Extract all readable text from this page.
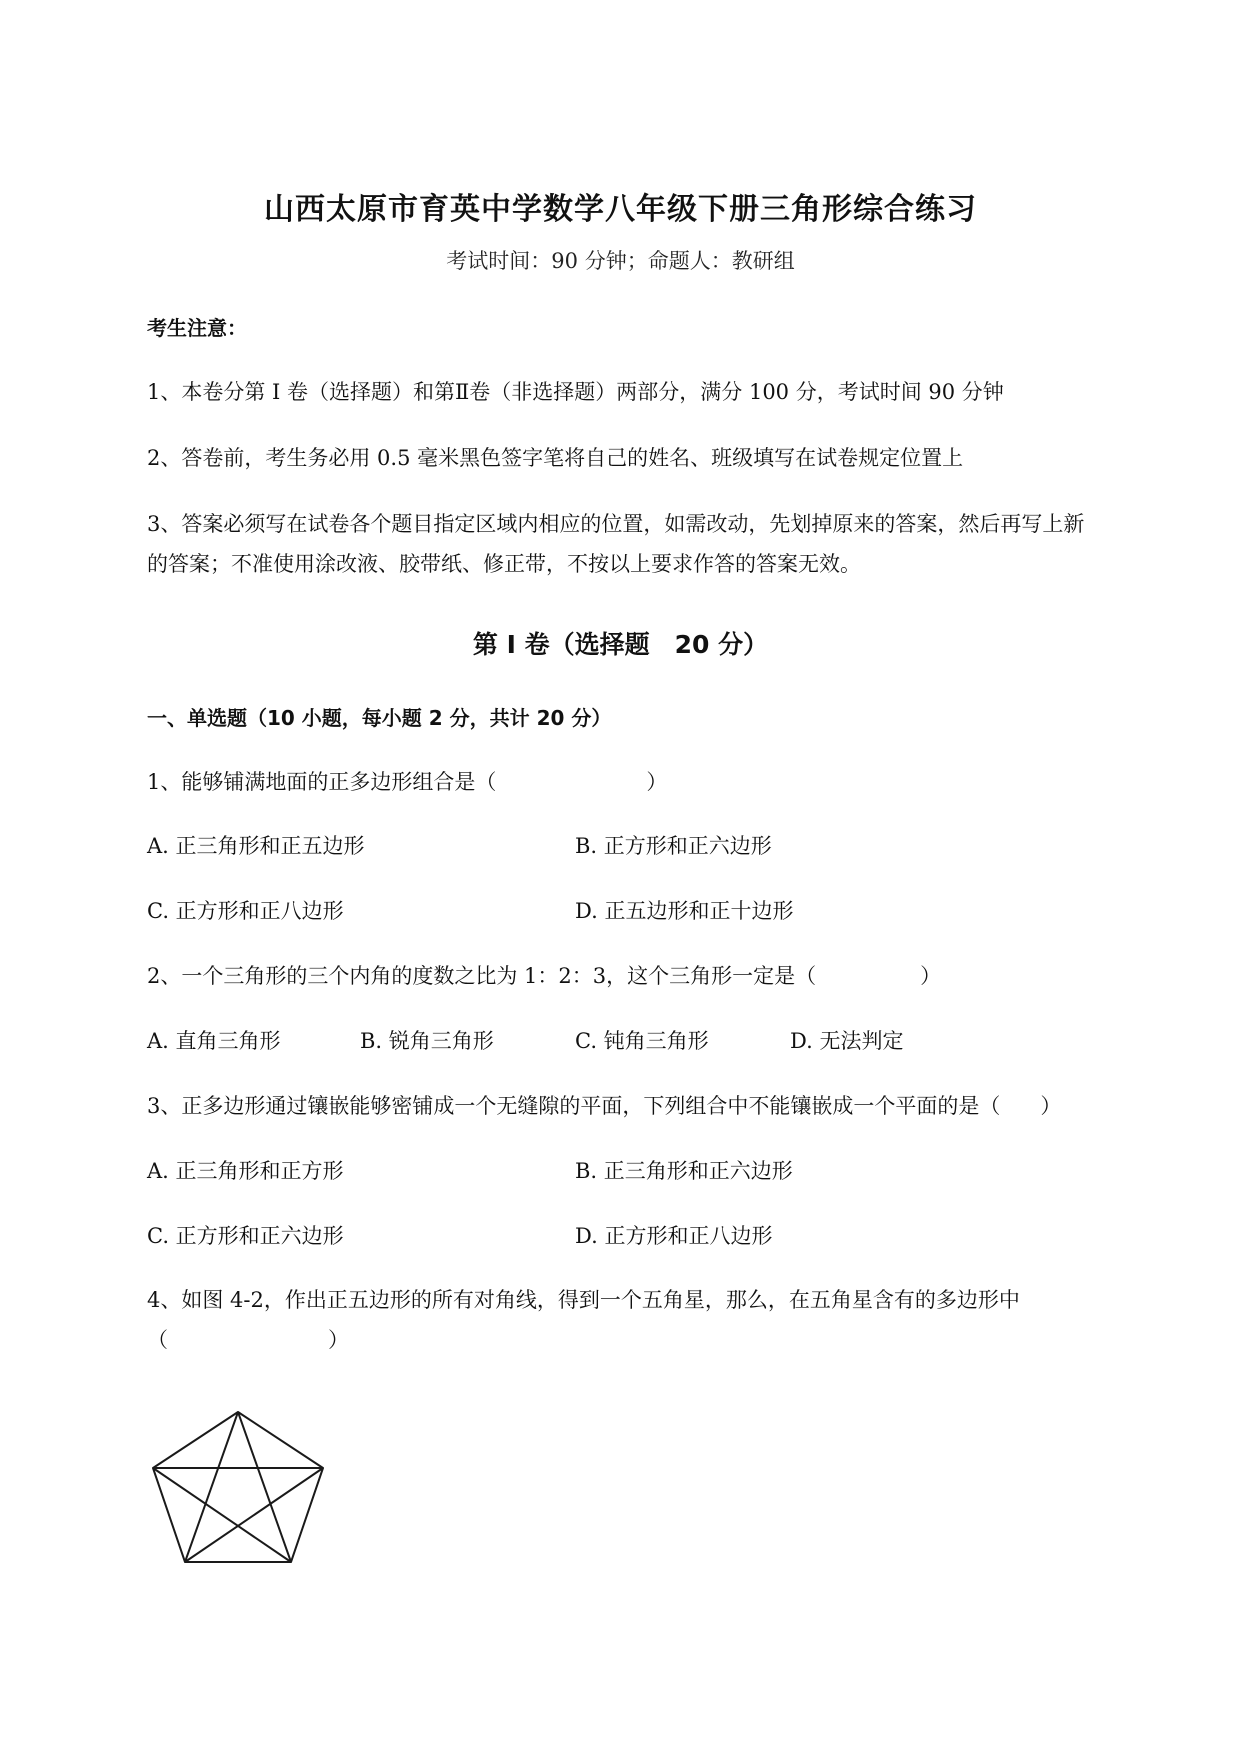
山西太原市育英中学数学八年级下册三角形综合练习
考试时间：90 分钟；命题人：教研组
考生注意：
1、本卷分第 I 卷（选择题）和第Ⅱ卷（非选择题）两部分，满分 100 分，考试时间 90 分钟
2、答卷前，考生务必用 0.5 毫米黑色签字笔将自己的姓名、班级填写在试卷规定位置上
3、答案必须写在试卷各个题目指定区域内相应的位置，如需改动，先划掉原来的答案，然后再写上新
的答案；不准使用涂改液、胶带纸、修正带，不按以上要求作答的答案无效。
第 I 卷（选择题　20 分）
一、单选题（10 小题，每小题 2 分，共计 20 分）
1、能够铺满地面的正多边形组合是（	）
A. 正三角形和正五边形	B. 正方形和正六边形
C. 正方形和正八边形	D. 正五边形和正十边形
2、一个三角形的三个内角的度数之比为 1：2：3，这个三角形一定是（	）
A. 直角三角形	B. 锐角三角形	C. 钝角三角形	D. 无法判定
3、正多边形通过镶嵌能够密铺成一个无缝隙的平面，下列组合中不能镶嵌成一个平面的是（ ）
A. 正三角形和正方形	B. 正三角形和正六边形
C. 正方形和正六边形	D. 正方形和正八边形
4、如图 4-2，作出正五边形的所有对角线，得到一个五角星，那么，在五角星含有的多边形中
（	）
